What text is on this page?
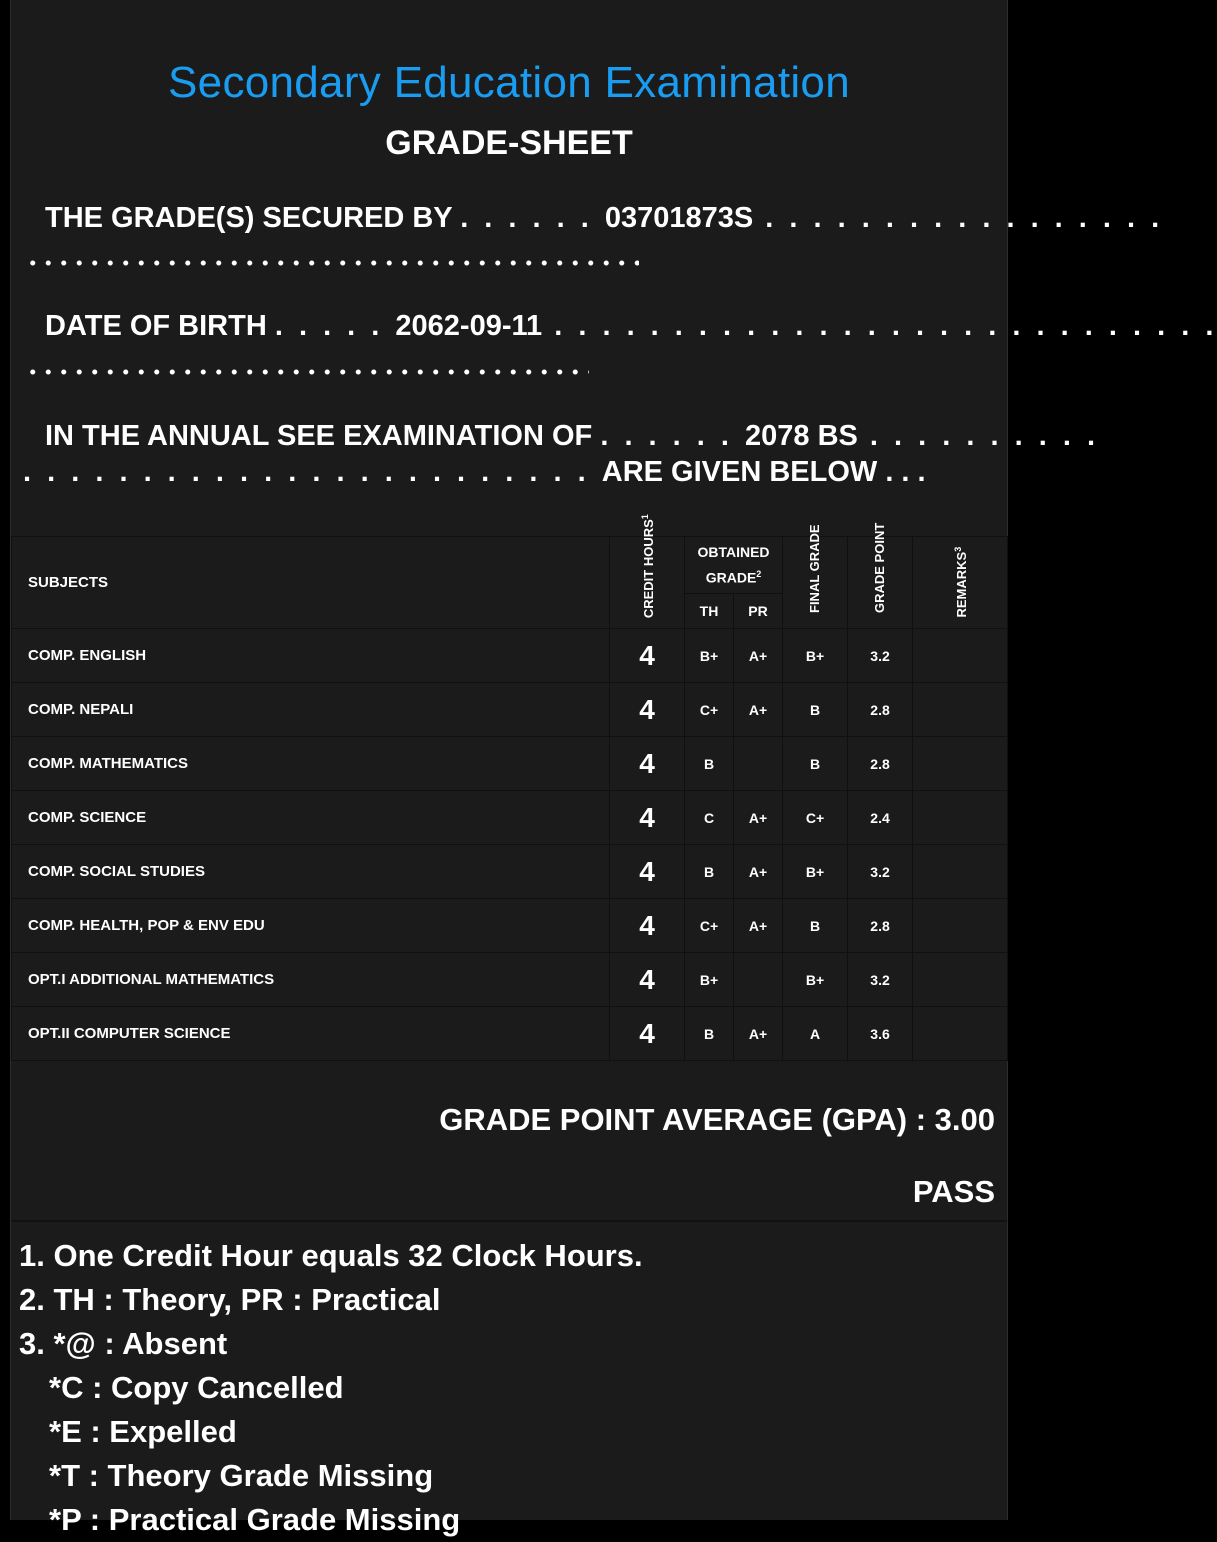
Secondary Education Examination
GRADE-SHEET
THE GRADE(S) SECURED BY . . . . . . 03701873S . . . . . . . . . . . . . . . . .
DATE OF BIRTH . . . . . 2062-09-11 . . . . . . . . . . . . . . . . . . . . . . . . . . . .
IN THE ANNUAL SEE EXAMINATION OF . . . . . . 2078 BS . . . . . . . . . .
. . . . . . . . . . . . . . . . . . . . . . . . ARE GIVEN BELOW . . .
SUBJECTS	CREDIT HOURS$^1$	OBTAINED GRADE$^2$		FINAL GRADE	GRADE POINT	REMARKS$^3$
		TH	PR			
COMP. ENGLISH	4	B+	A+	B+	3.2	
COMP. NEPALI	4	C+	A+	B	2.8	
COMP. MATHEMATICS	4	B		B	2.8	
COMP. SCIENCE	4	C	A+	C+	2.4	
COMP. SOCIAL STUDIES	4	B	A+	B+	3.2	
COMP. HEALTH, POP & ENV EDU	4	C+	A+	B	2.8	
OPT.I ADDITIONAL MATHEMATICS	4	B+		B+	3.2	
OPT.II COMPUTER SCIENCE	4	B	A+	A	3.6	
GRADE POINT AVERAGE (GPA) : 3.00
PASS
1. One Credit Hour equals 32 Clock Hours.
2. TH : Theory, PR : Practical
3. *@ : Absent
*C : Copy Cancelled
*E : Expelled
*T : Theory Grade Missing
*P : Practical Grade Missing
